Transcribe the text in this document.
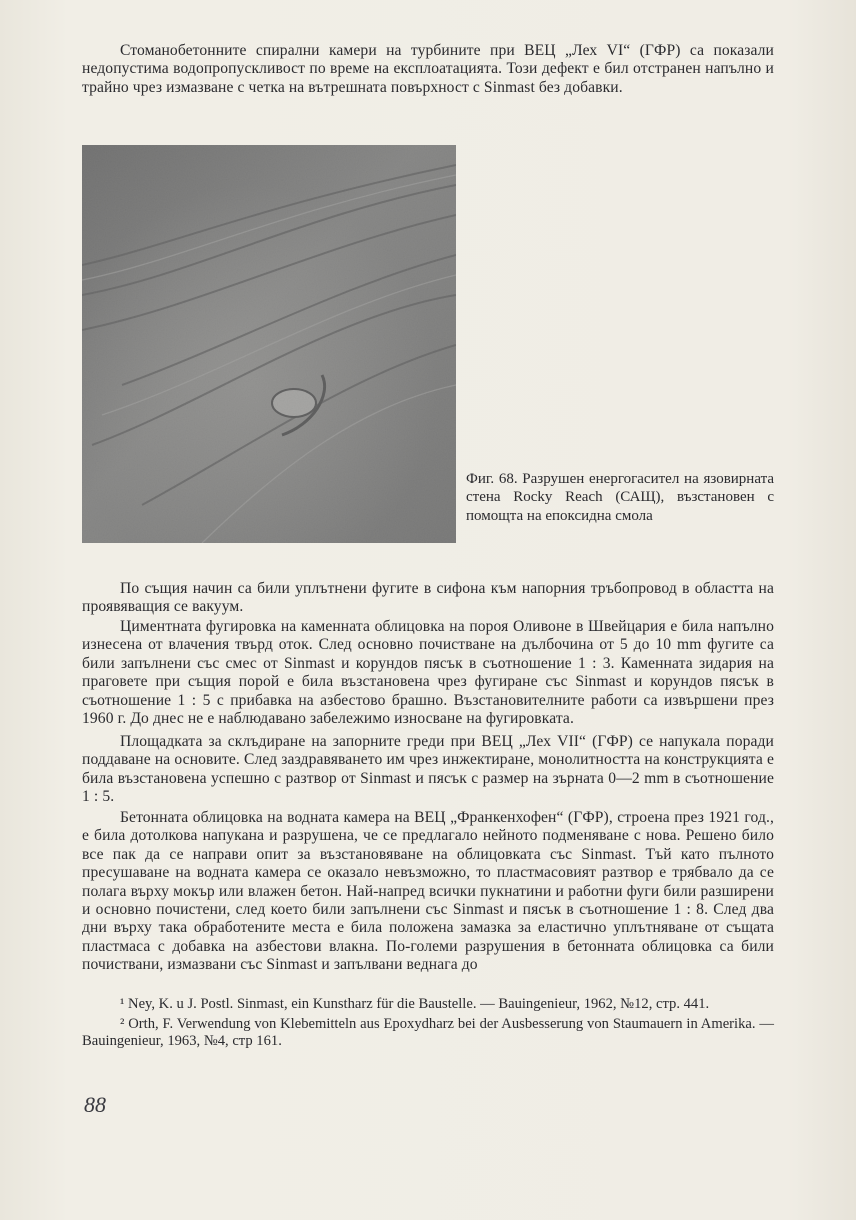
Стоманобетонните спирални камери на турбините при ВЕЦ „Лех VI“ (ГФР) са показали недопустима водопропускливост по време на експлоатацията. Този дефект е бил отстранен напълно и трайно чрез измазване с четка на вътрешната повърхност с Sinmast без добавки.

Фиг. 68. Разрушен енергогасител на язовирната стена Rocky Reach (САЩ), възстановен с помощта на епоксидна смола

По същия начин са били уплътнени фугите в сифона към напорния тръбопровод в областта на проявяващия се вакуум.

Циментната фугировка на каменната облицовка на пороя Оливоне в Швейцария е била напълно изнесена от влачения твърд оток. След основно почистване на дълбочина от 5 до 10 mm фугите са били запълнени със смес от Sinmast и корундов пясък в съотношение 1 : 3. Каменната зидария на праговете при същия порой е била възстановена чрез фугиране със Sinmast и корундов пясък в съотношение 1 : 5 с прибавка на азбестово брашно. Възстановителните работи са извършени през 1960 г. До днес не е наблюдавано забележимо износване на фугировката.

Площадката за склъдиране на запорните греди при ВЕЦ „Лех VII“ (ГФР) се напукала поради поддаване на основите. След заздравяването им чрез инжектиране, монолитността на конструкцията е била възстановена успешно с разтвор от Sinmast и пясък с размер на зърната 0—2 mm в съотношение 1 : 5.

Бетонната облицовка на водната камера на ВЕЦ „Франкенхофен“ (ГФР), строена през 1921 год., е била дотолкова напукана и разрушена, че се предлагало нейното подменяване с нова. Решено било все пак да се направи опит за възстановяване на облицовката със Sinmast. Тъй като пълното пресушаване на водната камера се оказало невъзможно, то пластмасовият разтвор е трябвало да се полага върху мокър или влажен бетон. Най-напред всички пукнатини и работни фуги били разширени и основно почистени, след което били запълнени със Sinmast и пясък в съотношение 1 : 8. След два дни върху така обработените места е била положена замазка за еластично уплътняване от същата пластмаса с добавка на азбестови влакна. По-големи разрушения в бетонната облицовка са били почиствани, измазвани със Sinmast и запълвани веднага до

¹ Ney, K. u J. Postl. Sinmast, ein Kunstharz für die Baustelle. — Bauingenieur, 1962, №12, стр. 441.

² Orth, F. Verwendung von Klebemitteln aus Epoxydharz bei der Ausbesserung von Staumauern in Amerika. — Bauingenieur, 1963, №4, стр 161.

88
